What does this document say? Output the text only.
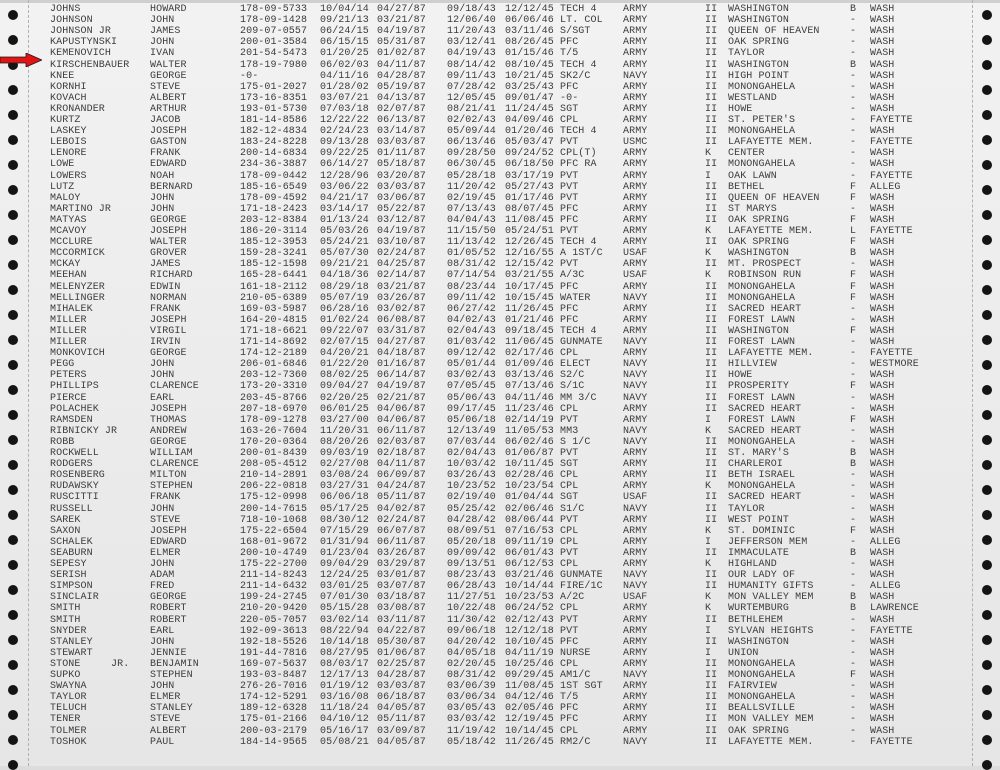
JOHNS	HOWARD	178-09-5733 10/04/14 04/27/87 09/18/43 12/12/45 TECH 4	ARMY	II WASHINGTON	B WASH
JOHNSON	JOHN	178-09-1428 09/21/13 03/21/87 12/06/40 06/06/46 LT. COL ARMY	II WASHINGTON	- WASH
JOHNSON JR	JAMES	209-07-0557 06/24/15 04/19/87 11/20/43 03/11/46 S/SGT	ARMY	II QUEEN OF HEAVEN	- WASH
KAPUSTYNSKI	JOHN	200-01-3584 06/15/15 05/31/87 03/12/41 08/26/45 PFC	ARMY	II OAK SPRING	- WASH
KEMENOVICH	IVAN	201-54-5473 01/20/25 01/02/87 04/19/43 01/15/46 T/5	ARMY	II TAYLOR	- WASH
KIRSCHENBAUER WALTER	178-19-7980 06/02/03 04/11/87 08/14/42 08/10/45 TECH 4	ARMY	II WASHINGTON	B WASH
KNEE	GEORGE	-0-	04/11/16 04/28/87 09/11/43 10/21/45 SK2/C	NAVY	II HIGH POINT	- WASH
KORNHI	STEVE	175-01-2027 01/28/02 05/19/87 07/28/42 03/25/43 PFC	ARMY	II MONONGAHELA	- WASH
KOVACH	ALBERT	173-16-8351 03/07/21 04/13/87 12/05/45 09/01/47 -0-	ARMY	II WESTLAND	- WASH
KRONANDER	ARTHUR	193-01-5730 07/03/18 02/07/87 08/21/41 11/24/45 SGT	ARMY	II HOWE	- WASH
KURTZ	JACOB	181-14-8586 12/22/22 06/13/87 02/02/43 04/09/46 CPL	ARMY	II ST. PETER'S	- FAYETTE
LASKEY	JOSEPH	182-12-4834 02/24/23 03/14/87 05/09/44 01/20/46 TECH 4	ARMY	II MONONGAHELA	- WASH
LEBOIS	GASTON	183-24-8228 09/13/28 03/03/87 06/13/46 05/03/47 PVT	USMC	II LAFAYETTE MEM.	- FAYETTE
LENORE	FRANK	200-14-6834 09/22/25 01/11/87 09/28/50 09/24/52 CPL(T)	ARMY	K CENTER	- WASH
LOWE	EDWARD	234-36-3887 06/14/27 05/18/87 06/30/45 06/18/50 PFC RA	ARMY	II MONONGAHELA	- WASH
LOWERS	NOAH	178-09-0442 12/28/96 03/20/87 05/28/18 03/17/19 PVT	ARMY	I OAK LAWN	- FAYETTE
LUTZ	BERNARD	185-16-6549 03/06/22 03/03/87 11/20/42 05/27/43 PVT	ARMY	II BETHEL	F ALLEG
MALOY	JOHN	178-09-4592 04/21/17 03/06/87 02/19/45 01/17/46 PVT	ARMY	II QUEEN OF HEAVEN	F WASH
MARTINO JR	JOHN	171-18-2423 03/14/17 05/22/87 07/13/43 08/07/45 PFC	ARMY	II ST MARYS	- WASH
MATYAS	GEORGE	203-12-8384 01/13/24 03/12/87 04/04/43 11/08/45 PFC	ARMY	II OAK SPRING	F WASH
MCAVOY	JOSEPH	186-20-3114 05/03/26 04/19/87 11/15/50 05/24/51 PVT	ARMY	K LAFAYETTE MEM.	L FAYETTE
MCCLURE	WALTER	185-12-3953 05/24/21 03/10/87 11/13/42 12/26/45 TECH 4	ARMY	II OAK SPRING	F WASH
MCCORMICK	GROVER	159-28-3241 05/07/30 02/24/87 01/05/52 12/16/55 A 1ST/C USAF	K WASHINGTON	B WASH
MCKAY	JAMES	185-12-1598 09/21/21 04/25/87 08/31/42 12/15/42 PVT	ARMY	II MT. PROSPECT	- WASH
MEEHAN	RICHARD	165-28-6441 04/18/36 02/14/87 07/14/54 03/21/55 A/3C	USAF	K ROBINSON RUN	F WASH
MELENYZER	EDWIN	161-18-2112 08/29/18 03/21/87 08/23/44 10/17/45 PFC	ARMY	II MONONGAHELA	F WASH
MELLINGER	NORMAN	210-05-6389 05/07/19 03/26/87 09/11/42 10/15/45 WATER	NAVY	II MONONGAHELA	F WASH
MIHALEK	FRANK	169-03-5987 06/28/16 03/02/87 06/27/42 11/26/45 PFC	ARMY	II SACRED HEART	- WASH
MILLER	JOSEPH	164-20-4815 01/02/24 06/08/87 04/02/43 01/21/46 PFC	ARMY	II FOREST LAWN	- WASH
MILLER	VIRGIL	171-18-6621 09/22/07 03/31/87 02/04/43 09/18/45 TECH 4	ARMY	II WASHINGTON	F WASH
MILLER	IRVIN	171-14-8692 02/07/15 04/27/87 01/03/42 11/06/45 GUNMATE NAVY	II FOREST LAWN	- WASH
MONKOVICH	GEORGE	174-12-2189 04/20/21 04/18/87 09/12/42 02/17/46 CPL	ARMY	II LAFAYETTE MEM.	- FAYETTE
PEGG	JOHN	206-01-6846 01/22/20 01/16/87 05/01/44 01/09/46 ELECT	NAVY	II HILLVIEW	- WESTMORE
PETERS	JOHN	203-12-7360 08/02/25 06/14/87 03/02/43 03/13/46 S2/C	NAVY	II HOWE	- WASH
PHILLIPS	CLARENCE	173-20-3310 09/04/27 04/19/87 07/05/45 07/13/46 S/1C	NAVY	II PROSPERITY	F WASH
PIERCE	EARL	203-45-8766 02/20/25 02/21/87 05/06/43 04/11/46 MM 3/C	NAVY	II FOREST LAWN	- WASH
POLACHEK	JOSEPH	207-18-6970 06/01/25 04/06/87 09/17/45 11/23/46 CPL	ARMY	II SACRED HEART	- WASH
RAMSDEN	THOMAS	178-09-1278 03/27/00 04/06/87 05/06/18 02/14/19 PVT	ARMY	I FOREST LAWN	F WASH
RIBNICKY JR	ANDREW	163-26-7604 11/20/31 06/11/87 12/13/49 11/05/53 MM3	NAVY	K SACRED HEART	- WASH
ROBB	GEORGE	170-20-0364 08/20/26 02/03/87 07/03/44 06/02/46 S 1/C	NAVY	II MONONGAHELA	- WASH
ROCKWELL	WILLIAM	200-01-8439 09/03/19 02/18/87 02/04/43 01/06/87 PVT	ARMY	II ST. MARY'S	B WASH
RODGERS	CLARENCE	208-05-4512 02/27/08 04/11/87 10/03/42 10/11/45 SGT	ARMY	II CHARLEROI	B WASH
ROSENBERG	MILTON	210-14-2891 03/08/24 06/09/87 03/26/43 02/28/46 CPL	ARMY	II BETH ISRAEL	- WASH
RUDAWSKY	STEPHEN	206-22-0818 03/27/31 04/24/87 10/23/52 10/23/54 CPL	ARMY	K MONONGAHELA	- WASH
RUSCITTI	FRANK	175-12-0998 06/06/18 05/11/87 02/19/40 01/04/44 SGT	USAF	II SACRED HEART	- WASH
RUSSELL	JOHN	200-14-7615 05/17/25 04/02/87 05/25/42 02/06/46 S1/C	NAVY	II TAYLOR	- WASH
SAREK	STEVE	718-10-1068 08/30/12 02/24/87 04/28/42 08/06/44 PVT	ARMY	II WEST POINT	- WASH
SAXON	JOSEPH	175-22-6504 07/15/29 06/07/87 08/09/51 07/16/53 CPL	ARMY	K ST. DOMINIC	F WASH
SCHALEK	EDWARD	168-01-9672 01/31/94 06/11/87 05/20/18 09/11/19 CPL	ARMY	I JEFFERSON MEM	- ALLEG
SEABURN	ELMER	200-10-4749 01/23/04 03/26/87 09/09/42 06/01/43 PVT	ARMY	II IMMACULATE	B WASH
SEPESY	JOHN	175-22-2700 09/04/29 03/29/87 09/13/51 06/12/53 CPL	ARMY	K HIGHLAND	- WASH
SERISH	ADAM	211-14-8243 12/24/25 03/01/87 08/23/43 03/21/46 GUNMATE NAVY	II OUR LADY OF	- WASH
SIMPSON	FRED	211-14-6432 03/01/25 03/07/87 06/28/43 10/14/44 FIRE/1C NAVY	II HUMANITY GIFTS	- ALLEG
SINCLAIR	GEORGE	199-24-2745 07/01/30 03/18/87 11/27/51 10/23/53 A/2C	USAF	K MON VALLEY MEM	B WASH
SMITH	ROBERT	210-20-9420 05/15/28 03/08/87 10/22/48 06/24/52 CPL	ARMY	K WURTEMBURG	B LAWRENCE
SMITH	ROBERT	220-05-7057 03/02/14 03/11/87 11/30/42 02/12/43 PVT	ARMY	II BETHLEHEM	- WASH
SNYDER	EARL	192-09-3613 08/22/94 04/22/87 09/06/18 12/12/18 PVT	ARMY	I SYLVAN HEIGHTS	- FAYETTE
STANLEY	JOHN	192-18-5526 10/14/18 05/30/87 04/20/42 10/10/45 PFC	ARMY	II WASHINGTON	- WASH
STEWART	JENNIE	191-44-7816 08/27/95 01/06/87 04/05/18 04/11/19 NURSE	ARMY	I UNION	- WASH
STONE     JR. BENJAMIN	169-07-5637 08/03/17 02/25/87 02/20/45 10/25/46 CPL	ARMY	II MONONGAHELA	- WASH
SUPKO	STEPHEN	193-03-8487 12/17/13 04/28/87 08/31/42 09/29/45 AM1/C	NAVY	II MONONGAHELA	F WASH
SWAYNA	JOHN	276-26-7016 01/19/12 03/03/87 03/06/39 11/08/45 1ST SGT ARMY	II FAIRVIEW	- WASH
TAYLOR	ELMER	174-12-5291 03/16/08 06/18/87 03/06/34 04/12/46 T/5	ARMY	II MONONGAHELA	- WASH
TELUCH	STANLEY	189-12-6328 11/18/24 04/05/87 03/05/43 02/05/46 PFC	ARMY	II BEALLSVILLE	- WASH
TENER	STEVE	175-01-2166 04/10/12 05/11/87 03/03/42 12/19/45 PFC	ARMY	II MON VALLEY MEM	- WASH
TOLMER	ALBERT	200-03-2179 05/16/17 03/09/87 11/19/42 10/14/45 CPL	ARMY	II OAK SPRING	- WASH
TOSHOK	PAUL	184-14-9565 05/08/21 04/05/87 05/18/42 11/26/45 RM2/C	NAVY	II LAFAYETTE MEM.	- FAYETTE
